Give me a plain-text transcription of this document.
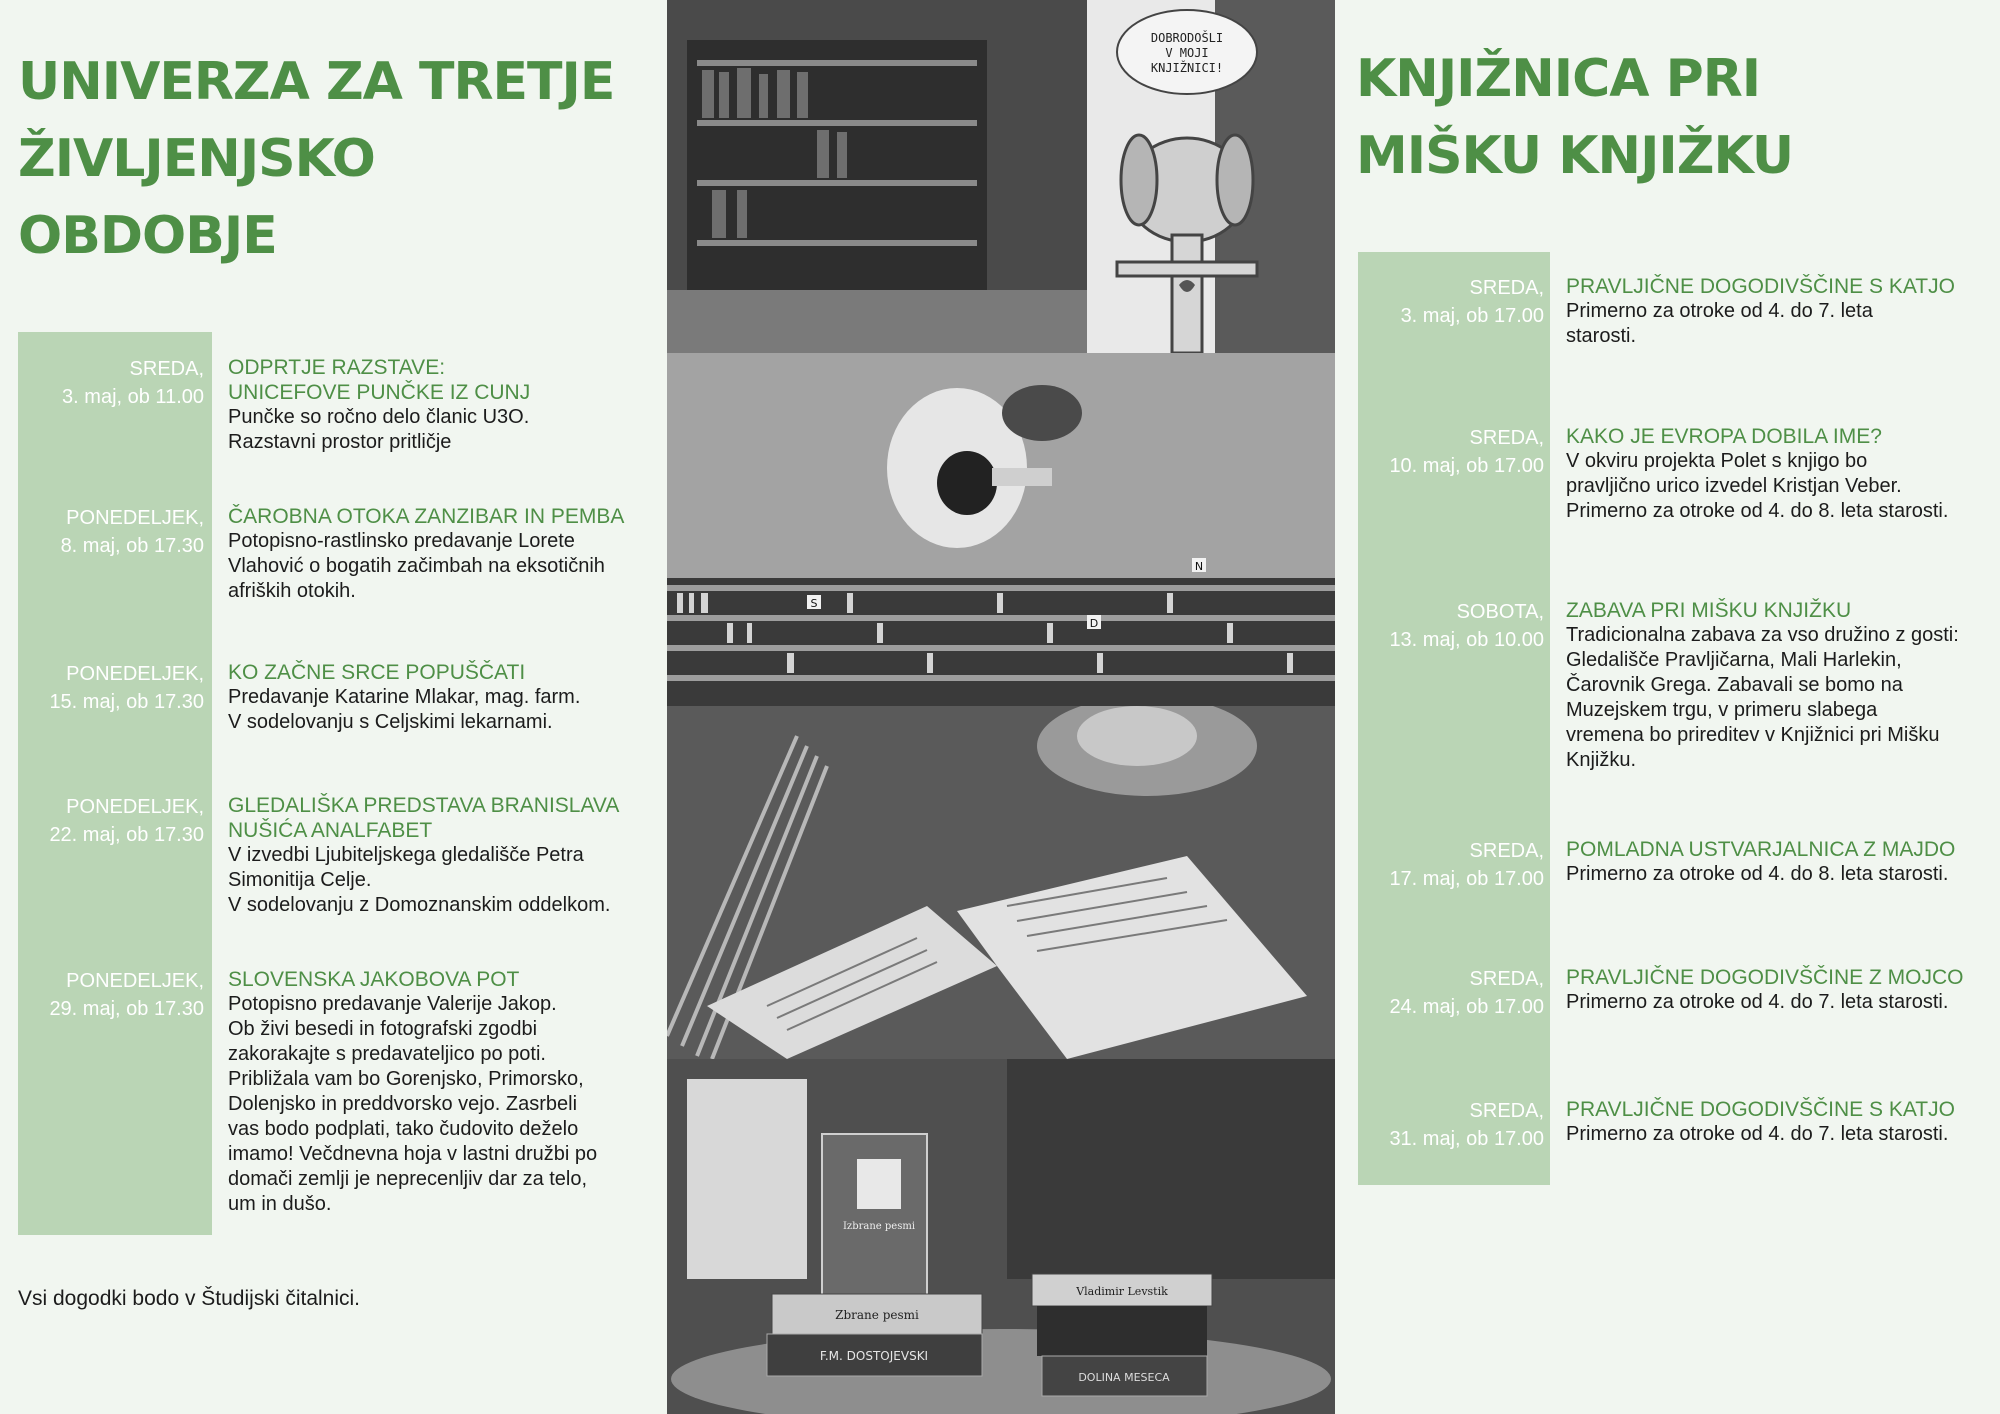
UNIVERZA ZA TRETJE
ŽIVLJENJSKO
OBDOBJE
SREDA,
3. maj, ob 11.00
ODPRTJE RAZSTAVE:
UNICEFOVE PUNČKE IZ CUNJ
Punčke so ročno delo članic U3O.
Razstavni prostor pritličje
PONEDELJEK,
8. maj, ob 17.30
ČAROBNA OTOKA ZANZIBAR IN PEMBA
Potopisno-rastlinsko predavanje Lorete
Vlahović o bogatih začimbah na eksotičnih
afriških otokih.
PONEDELJEK,
15. maj, ob 17.30
KO ZAČNE SRCE POPUŠČATI
Predavanje Katarine Mlakar, mag. farm.
V sodelovanju s Celjskimi lekarnami.
PONEDELJEK,
22. maj, ob 17.30
GLEDALIŠKA PREDSTAVA BRANISLAVA
NUŠIĆA ANALFABET
V izvedbi Ljubiteljskega gledališče Petra
Simonitija Celje.
V sodelovanju z Domoznanskim oddelkom.
PONEDELJEK,
29. maj, ob 17.30
SLOVENSKA JAKOBOVA POT
Potopisno predavanje Valerije Jakop.
Ob živi besedi in fotografski zgodbi
zakorakajte s predavateljico po poti.
Približala vam bo Gorenjsko, Primorsko,
Dolenjsko in preddvorsko vejo. Zasrbeli
vas bodo podplati, tako čudovito deželo
imamo! Večdnevna hoja v lastni družbi po
domači zemlji je neprecenljiv dar za telo,
um in dušo.
Vsi dogodki bodo v Študijski čitalnici.
DOBRODOŠLI
V MOJI
KNJIŽNICI!
S
N
D
Izbrane pesmi
Zbrane pesmi
F.M. DOSTOJEVSKI
Vladimir Levstik
DOLINA MESECA
KNJIŽNICA PRI
MIŠKU KNJIŽKU
SREDA,
3. maj, ob 17.00
PRAVLJIČNE DOGODIVŠČINE S KATJO
Primerno za otroke od 4. do 7. leta
starosti.
SREDA,
10. maj, ob 17.00
KAKO JE EVROPA DOBILA IME?
V okviru projekta Polet s knjigo bo
pravljično urico izvedel Kristjan Veber.
Primerno za otroke od 4. do 8. leta starosti.
SOBOTA,
13. maj, ob 10.00
ZABAVA PRI MIŠKU KNJIŽKU
Tradicionalna zabava za vso družino z gosti:
Gledališče Pravljičarna, Mali Harlekin,
Čarovnik Grega. Zabavali se bomo na
Muzejskem trgu, v primeru slabega
vremena bo prireditev v Knjižnici pri Mišku
Knjižku.
SREDA,
17. maj, ob 17.00
POMLADNA USTVARJALNICA Z MAJDO
Primerno za otroke od 4. do 8. leta starosti.
SREDA,
24. maj, ob 17.00
PRAVLJIČNE DOGODIVŠČINE Z MOJCO
Primerno za otroke od 4. do 7. leta starosti.
SREDA,
31. maj, ob 17.00
PRAVLJIČNE DOGODIVŠČINE S KATJO
Primerno za otroke od 4. do 7. leta starosti.
